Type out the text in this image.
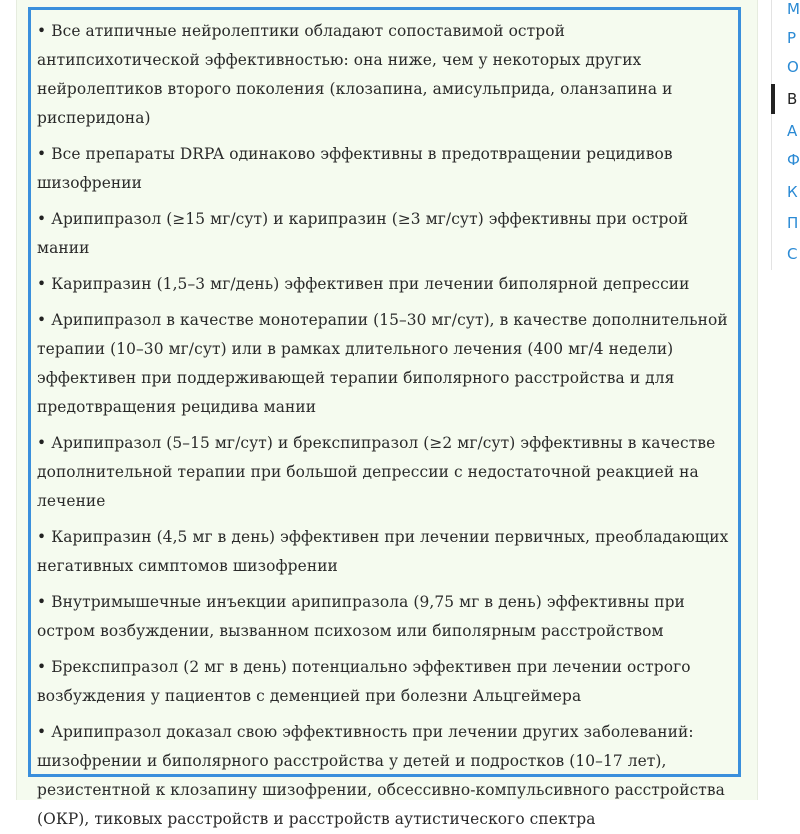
• Все атипичные нейролептики обладают сопоставимой острой антипсихотической эффективностью: она ниже, чем у некоторых других нейролептиков второго поколения (клозапина, амисульприда, оланзапина и рисперидона)
• Все препараты DRPA одинаково эффективны в предотвращении рецидивов шизофрении
• Арипипразол (≥15 мг/сут) и карипразин (≥3 мг/сут) эффективны при острой мании
• Карипразин (1,5–3 мг/день) эффективен при лечении биполярной депрессии
• Арипипразол в качестве монотерапии (15–30 мг/сут), в качестве дополнительной терапии (10–30 мг/сут) или в рамках длительного лечения (400 мг/4 недели) эффективен при поддерживающей терапии биполярного расстройства и для предотвращения рецидива мании
• Арипипразол (5–15 мг/сут) и брекспипразол (≥2 мг/сут) эффективны в качестве дополнительной терапии при большой депрессии с недостаточной реакцией на лечение
• Карипразин (4,5 мг в день) эффективен при лечении первичных, преобладающих негативных симптомов шизофрении
• Внутримышечные инъекции арипипразола (9,75 мг в день) эффективны при остром возбуждении, вызванном психозом или биполярным расстройством
• Брекспипразол (2 мг в день) потенциально эффективен при лечении острого возбуждения у пациентов с деменцией при болезни Альцгеймера
• Арипипразол доказал свою эффективность при лечении других заболеваний: шизофрении и биполярного расстройства у детей и подростков (10–17 лет), резистентной к клозапину шизофрении, обсессивно-компульсивного расстройства (ОКР), тиковых расстройств и расстройств аутистического спектра
М
Р
О
В
А
Ф
К
П
С
